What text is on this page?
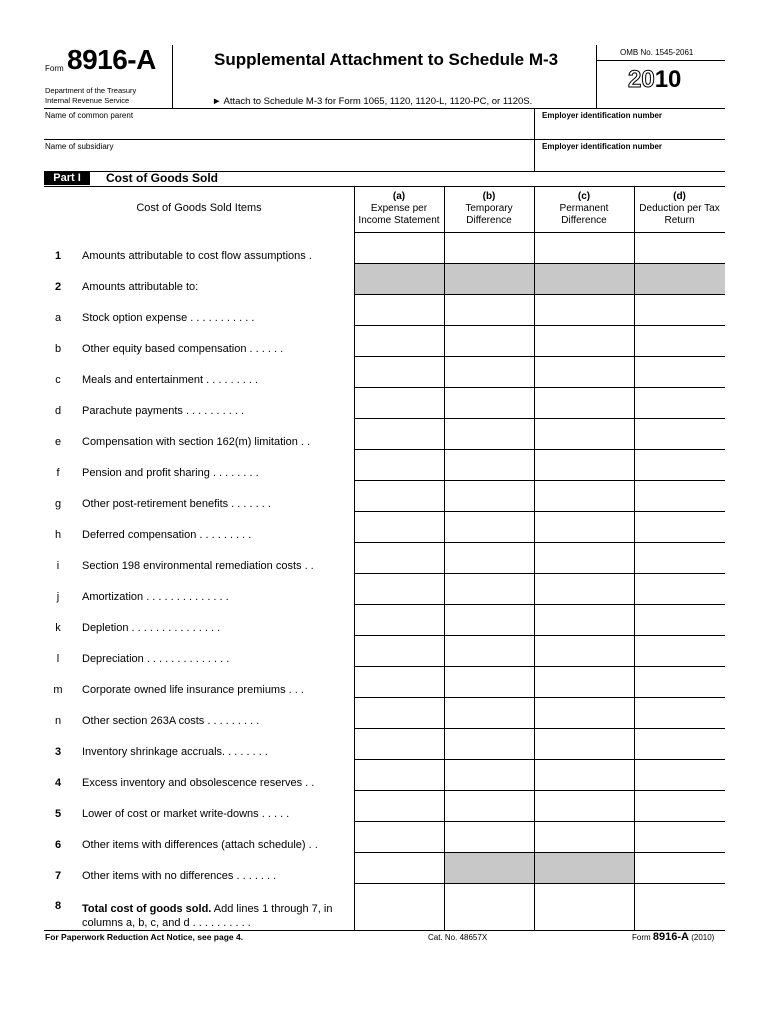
Form 8916-A
Department of the Treasury
Internal Revenue Service
Supplemental Attachment to Schedule M-3
► Attach to Schedule M-3 for Form 1065, 1120, 1120-L, 1120-PC, or 1120S.
OMB No. 1545-2061
2010
Name of common parent	Employer identification number
Name of subsidiary	Employer identification number
Part I	Cost of Goods Sold
Cost of Goods Sold Items
(a)
Expense per
Income Statement
(b)
Temporary
Difference
(c)
Permanent
Difference
(d)
Deduction per Tax
Return
1	Amounts attributable to cost flow assumptions .
2	Amounts attributable to:
a	Stock option expense . . . . . . . . . . .
b	Other equity based compensation . . . . . .
c	Meals and entertainment . . . . . . . . .
d	Parachute payments . . . . . . . . . .
e	Compensation with section 162(m) limitation . .
f	Pension and profit sharing . . . . . . . .
g	Other post-retirement benefits . . . . . . .
h	Deferred compensation . . . . . . . . .
i	Section 198 environmental remediation costs . .
j	Amortization . . . . . . . . . . . . . .
k	Depletion . . . . . . . . . . . . . . .
l	Depreciation . . . . . . . . . . . . . .
m	Corporate owned life insurance premiums . . .
n	Other section 263A costs . . . . . . . . .
3	Inventory shrinkage accruals. . . . . . . .
4	Excess inventory and obsolescence reserves . .
5	Lower of cost or market write-downs . . . . .
6	Other items with differences (attach schedule) . .
7	Other items with no differences . . . . . . .
8	Total cost of goods sold. Add lines 1 through 7, in
columns a, b, c, and d . . . . . . . . . .
For Paperwork Reduction Act Notice, see page 4.	Cat. No. 48657X	Form 8916-A (2010)
